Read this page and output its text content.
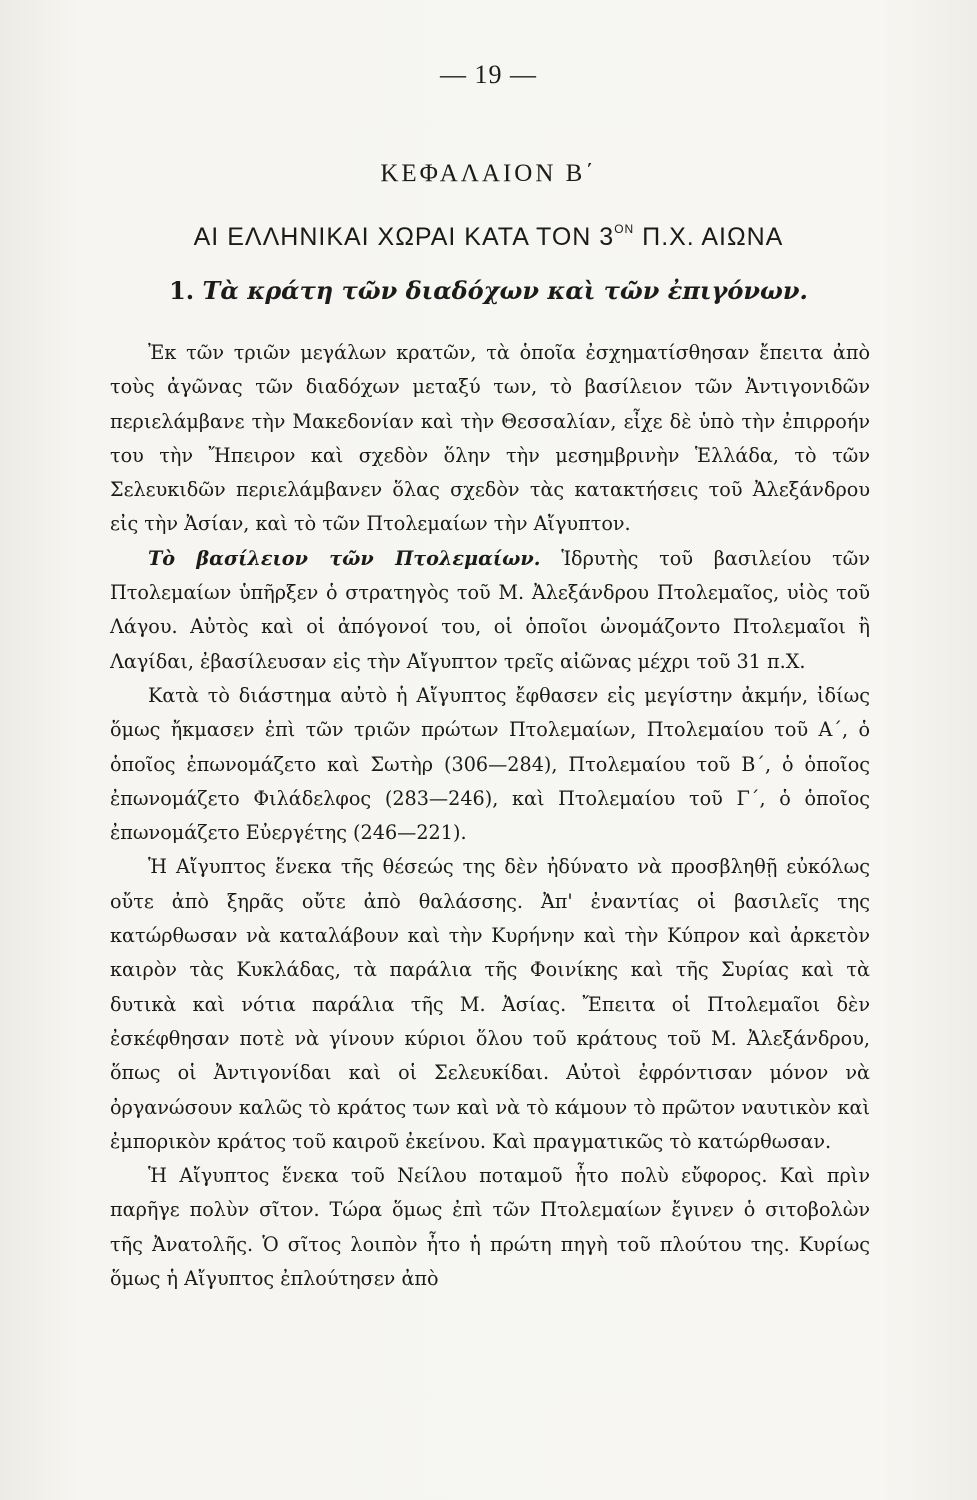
— 19 —
ΚΕΦΑΛΑΙΟΝ Β΄
ΑΙ ΕΛΛΗΝΙΚΑΙ ΧΩΡΑΙ ΚΑΤΑ ΤΟΝ $3^{ON}$ Π.Χ. ΑΙΩΝΑ
1. Τὰ κράτη τῶν διαδόχων καὶ τῶν ἐπιγόνων.

Ἐκ τῶν τριῶν μεγάλων κρατῶν, τὰ ὁποῖα ἐσχηματίσθησαν ἔπειτα ἀπὸ τοὺς ἀγῶνας τῶν διαδόχων μεταξύ των, τὸ βασίλειον τῶν Ἀντιγονιδῶν περιελάμβανε τὴν Μακεδονίαν καὶ τὴν Θεσσαλίαν, εἶχε δὲ ὑπὸ τὴν ἐπιρροήν του τὴν Ἤπειρον καὶ σχεδὸν ὅλην τὴν μεσημβρινὴν Ἑλλάδα, τὸ τῶν Σελευκιδῶν περιελάμβανεν ὅλας σχεδὸν τὰς κατακτήσεις τοῦ Ἀλεξάνδρου εἰς τὴν Ἀσίαν, καὶ τὸ τῶν Πτολεμαίων τὴν Αἴγυπτον.

Τὸ βασίλειον τῶν Πτολεμαίων. Ἱδρυτὴς τοῦ βασιλείου τῶν Πτολεμαίων ὑπῆρξεν ὁ στρατηγὸς τοῦ Μ. Ἀλεξάνδρου Πτολεμαῖος, υἱὸς τοῦ Λάγου. Αὐτὸς καὶ οἱ ἀπόγονοί του, οἱ ὁποῖοι ὠνομάζοντο Πτολεμαῖοι ἢ Λαγίδαι, ἐβασίλευσαν εἰς τὴν Αἴγυπτον τρεῖς αἰῶνας μέχρι τοῦ 31 π.Χ.

Κατὰ τὸ διάστημα αὐτὸ ἡ Αἴγυπτος ἔφθασεν εἰς μεγίστην ἀκμήν, ἰδίως ὅμως ἤκμασεν ἐπὶ τῶν τριῶν πρώτων Πτολεμαίων, Πτολεμαίου τοῦ Α΄, ὁ ὁποῖος ἐπωνομάζετο καὶ Σωτὴρ (306—284), Πτολεμαίου τοῦ Β΄, ὁ ὁποῖος ἐπωνομάζετο Φιλάδελφος (283—246), καὶ Πτολεμαίου τοῦ Γ΄, ὁ ὁποῖος ἐπωνομάζετο Εὐεργέτης (246—221).

Ἡ Αἴγυπτος ἕνεκα τῆς θέσεώς της δὲν ἠδύνατο νὰ προσβληθῇ εὐκόλως οὔτε ἀπὸ ξηρᾶς οὔτε ἀπὸ θαλάσσης. Ἀπ' ἐναντίας οἱ βασιλεῖς της κατώρθωσαν νὰ καταλάβουν καὶ τὴν Κυρήνην καὶ τὴν Κύπρον καὶ ἀρκετὸν καιρὸν τὰς Κυκλάδας, τὰ παράλια τῆς Φοινίκης καὶ τῆς Συρίας καὶ τὰ δυτικὰ καὶ νότια παράλια τῆς Μ. Ἀσίας. Ἔπειτα οἱ Πτολεμαῖοι δὲν ἐσκέφθησαν ποτὲ νὰ γίνουν κύριοι ὅλου τοῦ κράτους τοῦ Μ. Ἀλεξάνδρου, ὅπως οἱ Ἀντιγονίδαι καὶ οἱ Σελευκίδαι. Αὐτοὶ ἐφρόντισαν μόνον νὰ ὀργανώσουν καλῶς τὸ κράτος των καὶ νὰ τὸ κάμουν τὸ πρῶτον ναυτικὸν καὶ ἐμπορικὸν κράτος τοῦ καιροῦ ἐκείνου. Καὶ πραγματικῶς τὸ κατώρθωσαν.

Ἡ Αἴγυπτος ἕνεκα τοῦ Νείλου ποταμοῦ ἦτο πολὺ εὔφορος. Καὶ πρὶν παρῆγε πολὺν σῖτον. Τώρα ὅμως ἐπὶ τῶν Πτολεμαίων ἔγινεν ὁ σιτοβολὼν τῆς Ἀνατολῆς. Ὁ σῖτος λοιπὸν ἦτο ἡ πρώτη πηγὴ τοῦ πλούτου της. Κυρίως ὅμως ἡ Αἴγυπτος ἐπλούτησεν ἀπὸ
